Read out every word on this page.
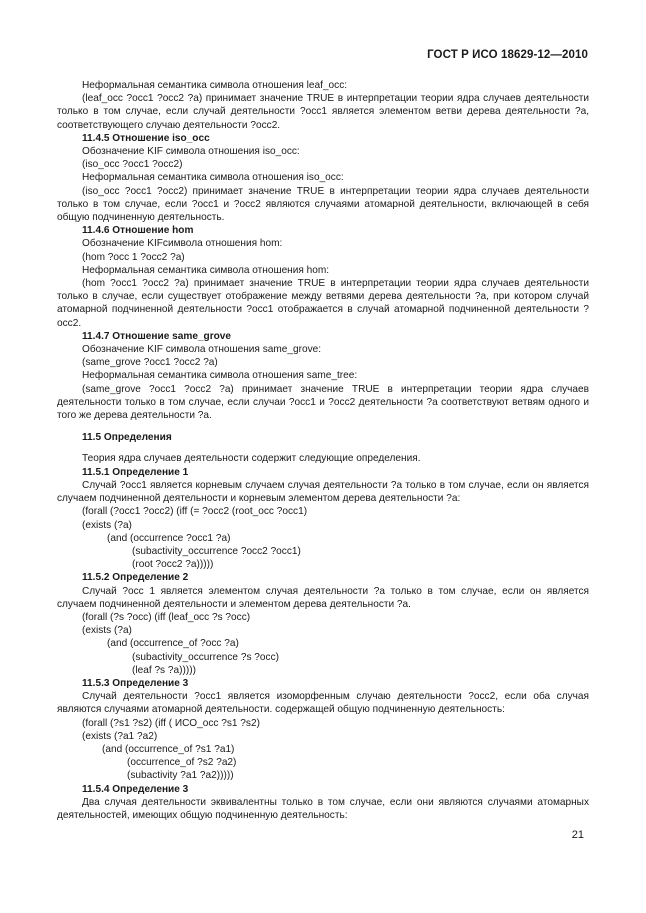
ГОСТ Р ИСО 18629-12—2010
Неформальная семантика символа отношения leaf_occ:
(leaf_occ ?occ1 ?occ2 ?a) принимает значение TRUE в интерпретации теории ядра случаев деятельности только в том случае, если случай деятельности ?occ1 является элементом ветви дерева деятельности ?a, соответствующего случаю деятельности ?occ2.
11.4.5 Отношение iso_occ
Обозначение KIF символа отношения iso_occ:
(iso_occ ?occ1 ?occ2)
Неформальная семантика символа отношения iso_occ:
(iso_occ ?occ1 ?occ2) принимает значение TRUE в интерпретации теории ядра случаев деятельности только в том случае, если ?occ1 и ?occ2 являются случаями атомарной деятельности, включающей в себя общую подчиненную деятельность.
11.4.6 Отношение hom
Обозначение KIFсимвола отношения hom:
(hom ?occ 1 ?occ2 ?a)
Неформальная семантика символа отношения hom:
(hom ?occ1 ?occ2 ?a) принимает значение TRUE в интерпретации теории ядра случаев деятельности только в случае, если существует отображение между ветвями дерева деятельности ?a, при котором случай атомарной подчиненной деятельности ?occ1 отображается в случай атомарной подчиненной деятельности ?occ2.
11.4.7 Отношение same_grove
Обозначение KIF символа отношения same_grove:
(same_grove ?occ1 ?occ2 ?a)
Неформальная семантика символа отношения same_tree:
(same_grove ?occ1 ?occ2 ?a) принимает значение TRUE в интерпретации теории ядра случаев деятельности только в том случае, если случаи ?occ1 и ?occ2 деятельности ?a соответствуют ветвям одного и того же дерева деятельности ?a.
11.5 Определения
Теория ядра случаев деятельности содержит следующие определения.
11.5.1 Определение 1
Случай ?occ1 является корневым случаем случая деятельности ?a только в том случае, если он является случаем подчиненной деятельности и корневым элементом дерева деятельности ?a:
(forall (?occ1 ?occ2) (iff (= ?occ2 (root_occ ?occ1)
(exists (?a)
(and (occurrence ?occ1 ?a)
(subactivity_occurrence ?occ2 ?occ1)
(root ?occ2 ?a)))))
11.5.2 Определение 2
Случай ?occ 1 является элементом случая деятельности ?a только в том случае, если он является случаем подчиненной деятельности и элементом дерева деятельности ?a.
(forall (?s ?occ) (iff (leaf_occ ?s ?occ)
(exists (?a)
(and (occurrence_of ?occ ?a)
(subactivity_occurrence ?s ?occ)
(leaf ?s ?a)))))
11.5.3 Определение 3
Случай деятельности ?occ1 является изоморфенным случаю деятельности ?occ2, если оба случая являются случаями атомарной деятельности. содержащей общую подчиненную деятельность:
(forall (?s1 ?s2) (iff ( ИСО_occ ?s1 ?s2)
(exists (?a1 ?a2)
(and (occurrence_of ?s1 ?a1)
(occurrence_of ?s2 ?a2)
(subactivity ?a1 ?a2)))))
11.5.4 Определение 3
Два случая деятельности эквивалентны только в том случае, если они являются случаями атомарных деятельностей, имеющих общую подчиненную деятельность:
21
